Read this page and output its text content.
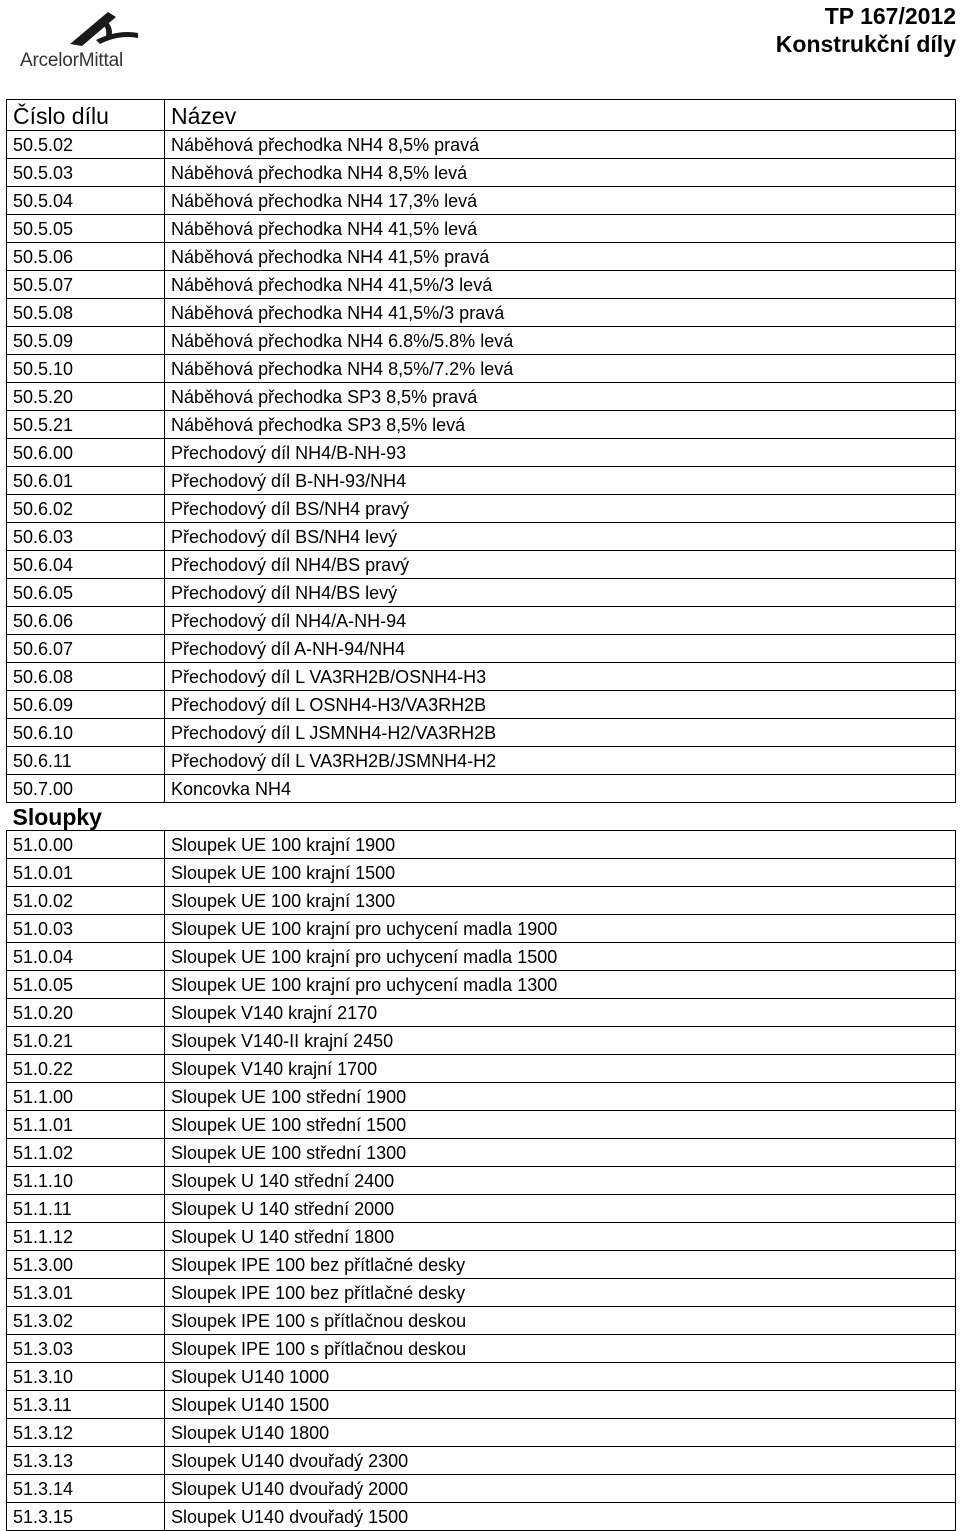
ArcelorMittal
TP 167/2012
Konstrukční díly
Číslo dílu	Název
50.5.02	Náběhová přechodka NH4 8,5% pravá
50.5.03	Náběhová přechodka NH4 8,5% levá
50.5.04	Náběhová přechodka NH4 17,3% levá
50.5.05	Náběhová přechodka NH4 41,5% levá
50.5.06	Náběhová přechodka NH4 41,5% pravá
50.5.07	Náběhová přechodka NH4 41,5%/3 levá
50.5.08	Náběhová přechodka NH4 41,5%/3 pravá
50.5.09	Náběhová přechodka NH4 6.8%/5.8% levá
50.5.10	Náběhová přechodka NH4 8,5%/7.2% levá
50.5.20	Náběhová přechodka SP3 8,5% pravá
50.5.21	Náběhová přechodka SP3 8,5% levá
50.6.00	Přechodový díl NH4/B-NH-93
50.6.01	Přechodový díl B-NH-93/NH4
50.6.02	Přechodový díl BS/NH4 pravý
50.6.03	Přechodový díl BS/NH4 levý
50.6.04	Přechodový díl NH4/BS pravý
50.6.05	Přechodový díl NH4/BS levý
50.6.06	Přechodový díl NH4/A-NH-94
50.6.07	Přechodový díl A-NH-94/NH4
50.6.08	Přechodový díl L VA3RH2B/OSNH4-H3
50.6.09	Přechodový díl L OSNH4-H3/VA3RH2B
50.6.10	Přechodový díl L JSMNH4-H2/VA3RH2B
50.6.11	Přechodový díl L VA3RH2B/JSMNH4-H2
50.7.00	Koncovka NH4
Sloupky	
51.0.00	Sloupek UE 100 krajní 1900
51.0.01	Sloupek UE 100 krajní 1500
51.0.02	Sloupek UE 100 krajní 1300
51.0.03	Sloupek UE 100 krajní pro uchycení madla 1900
51.0.04	Sloupek UE 100 krajní pro uchycení madla 1500
51.0.05	Sloupek UE 100 krajní pro uchycení madla 1300
51.0.20	Sloupek V140 krajní 2170
51.0.21	Sloupek V140-II krajní 2450
51.0.22	Sloupek V140 krajní 1700
51.1.00	Sloupek UE 100 střední 1900
51.1.01	Sloupek UE 100 střední 1500
51.1.02	Sloupek UE 100 střední 1300
51.1.10	Sloupek U 140 střední 2400
51.1.11	Sloupek U 140 střední 2000
51.1.12	Sloupek U 140 střední 1800
51.3.00	Sloupek IPE 100 bez přítlačné desky
51.3.01	Sloupek IPE 100 bez přítlačné desky
51.3.02	Sloupek IPE 100 s přítlačnou deskou
51.3.03	Sloupek IPE 100 s přítlačnou deskou
51.3.10	Sloupek U140 1000
51.3.11	Sloupek U140 1500
51.3.12	Sloupek U140 1800
51.3.13	Sloupek U140 dvouřadý 2300
51.3.14	Sloupek U140 dvouřadý 2000
51.3.15	Sloupek U140 dvouřadý 1500
